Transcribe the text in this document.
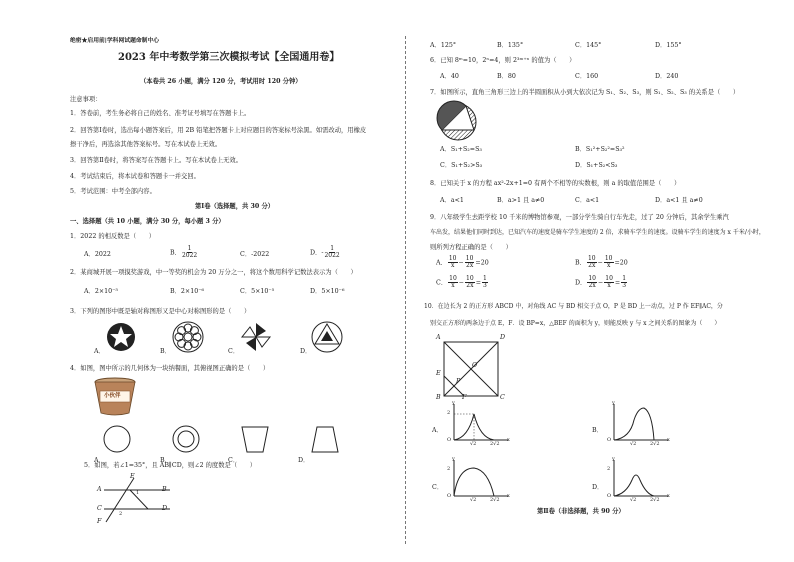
绝密★启用前|学科网试题命制中心
2023 年中考数学第三次模拟考试【全国通用卷】
（本卷共 26 小题，满分 120 分，考试用时 120 分钟）
注意事项：
1．答卷前，考生务必将自己的姓名、准考证号填写在答题卡上。
2．回答第Ⅰ卷时，选出每小题答案后，用 2B 铅笔把答题卡上对应题目的答案标号涂黑。如需改动，用橡皮
擦干净后，再选涂其他答案标号。写在本试卷上无效。
3．回答第Ⅱ卷时，将答案写在答题卡上。写在本试卷上无效。
4．考试结束后，将本试卷和答题卡一并交回。
5．考试范围：中考全部内容。
第Ⅰ卷（选择题，共 30 分）
一、选择题（共 10 小题，满分 30 分，每小题 3 分）
1．2022 的相反数是（　　）
A．2022	B． $\frac{1}{2022}$	C．-2022	D．- $\frac{1}{2022}$
2．某商城开展一项摸奖游戏，中一等奖的机会为 20 万分之一，将这个数用科学记数法表示为（　　）
A．2×10⁻⁵	B．2×10⁻⁶	C．5×10⁻⁵	D．5×10⁻⁶
3．下列的图形中既是轴对称图形又是中心对称图形的是（　　）
A．	B．	C．	D．
4．如图，图中所示的几何体为一块纳餐面，其俯视图正确的是（　　）
小伙伴
A．	B．	C．	D．
5．如图，若∠1=35°，且 AB∥CD，则∠2 的度数是（　　）
A	B
C	D
E
F
1
2
A．125°	B．135°	C．145°	D．155°
6．已知 8ᵐ=10，2ⁿ=4，则 2³ᵐ⁺ⁿ 的值为（　　）
A．40	B．80	C．160	D．240
7．如图所示，直角三角形三边上的半圆面积从小到大依次记为 S₁、S₂、S₃，则 S₁、S₂、S₃ 的关系是（　　）
A．S₁+S₂=S₃	B．S₁²+S₂²=S₃²
C．S₁+S₂>S₃	D．S₁+S₂<S₃
8．已知关于 x 的方程 ax²-2x+1=0 有两个不相等的实数根，则 a 的取值范围是（　　）
A．a<1	B．a>1 且 a≠0	C．a<1	D．a<1 且 a≠0
9．八年级学生去距学校 10 千米的博物馆参观，一部分学生骑自行车先走，过了 20 分钟后，其余学生乘汽
车出发，结果他们同时到达，已知汽车的速度是骑车学生速度的 2 倍，求骑车学生的速度。设骑车学生的速度为 x 千米/小时，
则所列方程正确的是（　　）
A． $\frac{10}{x} - \frac{10}{2x} =20$	B． $\frac{10}{2x} - \frac{10}{x} =20$
C． $\frac{10}{x} - \frac{10}{2x} = \frac{1}{3}$	D． $\frac{10}{2x} - \frac{10}{x} = \frac{1}{3}$
10．在边长为 2 的正方形 ABCD 中，对角线 AC 与 BD 相交于点 O，P 是 BD 上一动点，过 P 作 EF∥AC，分
别交正方形的两条边于点 E，F．设 BP=x，△BEF 的面积为 y，则能反映 y 与 x 之间关系的图象为（　　）
A	D
O
E
P
B	F	C
A．
y
2
O
√2	2√2
x
B．
y
O
√2	2√2
x
C．
y
2
O
√2	2√2
x
D．
y
2
O
√2	2√2
x
第Ⅱ卷（非选择题，共 90 分）
